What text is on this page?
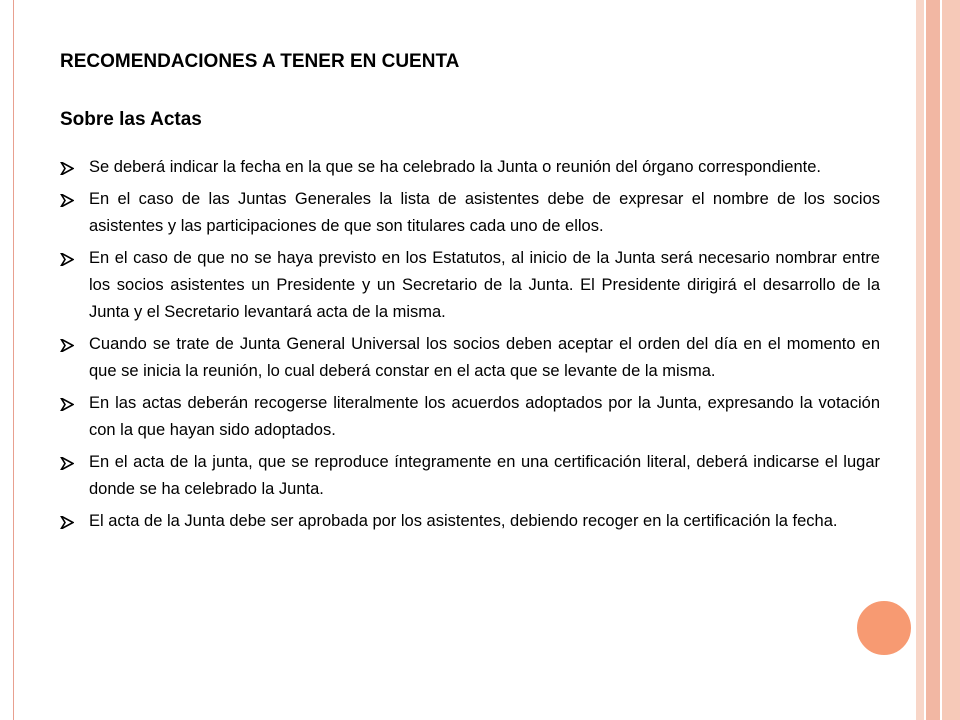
RECOMENDACIONES A TENER EN CUENTA
Sobre las Actas
Se deberá indicar la fecha en la que se ha celebrado la Junta o reunión del órgano correspondiente.
En el caso de las Juntas Generales la lista de asistentes debe de expresar el nombre de los socios asistentes y las participaciones de que son titulares cada uno de ellos.
En el caso de que no se haya previsto en los Estatutos, al inicio de la Junta será necesario nombrar entre los socios asistentes un Presidente y un Secretario de la Junta. El Presidente dirigirá el desarrollo de la Junta y el Secretario levantará acta de la misma.
Cuando se trate de Junta General Universal los socios deben aceptar el orden del día en el momento en que se inicia la reunión, lo cual deberá constar en el acta que se levante de la misma.
En las actas deberán recogerse literalmente los acuerdos adoptados por la Junta, expresando la votación con la que hayan sido adoptados.
En el acta de la junta, que se reproduce íntegramente en una certificación literal, deberá indicarse el lugar donde se ha celebrado la Junta.
El acta de la Junta debe ser aprobada por los asistentes, debiendo recoger en la certificación la fecha.
